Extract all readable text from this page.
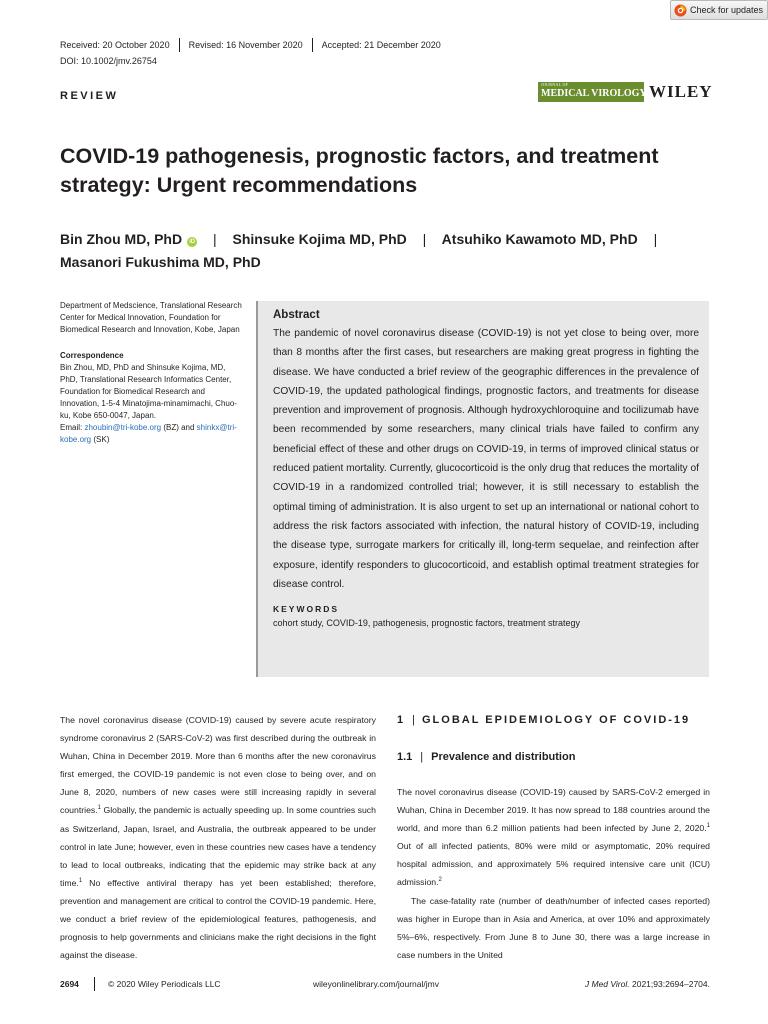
Check for updates
Received: 20 October 2020 Revised: 16 November 2020 Accepted: 21 December 2020
DOI: 10.1002/jmv.26754
REVIEW
JOURNAL OF
MEDICAL VIROLOGY WILEY
COVID-19 pathogenesis, prognostic factors, and treatment strategy: Urgent recommendations
Bin Zhou MD, PhD iD | Shinsuke Kojima MD, PhD | Atsuhiko Kawamoto MD, PhD |
Masanori Fukushima MD, PhD
Department of Medscience, Translational Research Center for Medical Innovation, Foundation for Biomedical Research and Innovation, Kobe, Japan
Correspondence
Bin Zhou, MD, PhD and Shinsuke Kojima, MD, PhD, Translational Research Informatics Center, Foundation for Biomedical Research and Innovation, 1-5-4 Minatojima-minamimachi, Chuo-ku, Kobe 650-0047, Japan.
Email: zhoubin@tri-kobe.org (BZ) and shinkx@tri-kobe.org (SK)
Abstract

The pandemic of novel coronavirus disease (COVID-19) is not yet close to being over, more than 8 months after the first cases, but researchers are making great progress in fighting the disease. We have conducted a brief review of the geographic differences in the prevalence of COVID-19, the updated pathological findings, prognostic factors, and treatments for disease prevention and improvement of prognosis. Although hydroxychloroquine and tocilizumab have been recommended by some researchers, many clinical trials have failed to confirm any beneficial effect of these and other drugs on COVID-19, in terms of improved clinical status or reduced patient mortality. Currently, glucocorticoid is the only drug that reduces the mortality of COVID-19 in a randomized controlled trial; however, it is still necessary to establish the optimal timing of administration. It is also urgent to set up an international or national cohort to address the risk factors associated with infection, the natural history of COVID-19, including the disease type, surrogate markers for critically ill, long-term sequelae, and reinfection after exposure, identify responders to glucocorticoid, and establish optimal treatment strategies for disease control.

KEYWORDS
cohort study, COVID-19, pathogenesis, prognostic factors, treatment strategy
The novel coronavirus disease (COVID-19) caused by severe acute respiratory syndrome coronavirus 2 (SARS-CoV-2) was first described during the outbreak in Wuhan, China in December 2019. More than 6 months after the new coronavirus first emerged, the COVID-19 pandemic is not even close to being over, and on June 8, 2020, numbers of new cases were still increasing rapidly in several countries.$^1$ Globally, the pandemic is actually speeding up. In some countries such as Switzerland, Japan, Israel, and Australia, the outbreak appeared to be under control in late June; however, even in these countries new cases have a tendency to lead to local outbreaks, indicating that the epidemic may strike back at any time.$^1$ No effective antiviral therapy has yet been established; therefore, prevention and management are critical to control the COVID-19 pandemic. Here, we conduct a brief review of the epidemiological features, pathogenesis, and prognosis to help governments and clinicians make the right decisions in the fight against the disease.
1 | GLOBAL EPIDEMIOLOGY OF COVID-19
1.1 | Prevalence and distribution

The novel coronavirus disease (COVID-19) caused by SARS-CoV-2 emerged in Wuhan, China in December 2019. It has now spread to 188 countries around the world, and more than 6.2 million patients had been infected by June 2, 2020.$^1$ Out of all infected patients, 80% were mild or asymptomatic, 20% required hospital admission, and approximately 5% required intensive care unit (ICU) admission.$^2$

The case-fatality rate (number of death/number of infected cases reported) was higher in Europe than in Asia and America, at over 10% and approximately 5%–6%, respectively. From June 8 to June 30, there was a large increase in case numbers in the United

2694	© 2020 Wiley Periodicals LLC	wileyonlinelibrary.com/journal/jmv	J Med Virol. 2021;93:2694–2704.
